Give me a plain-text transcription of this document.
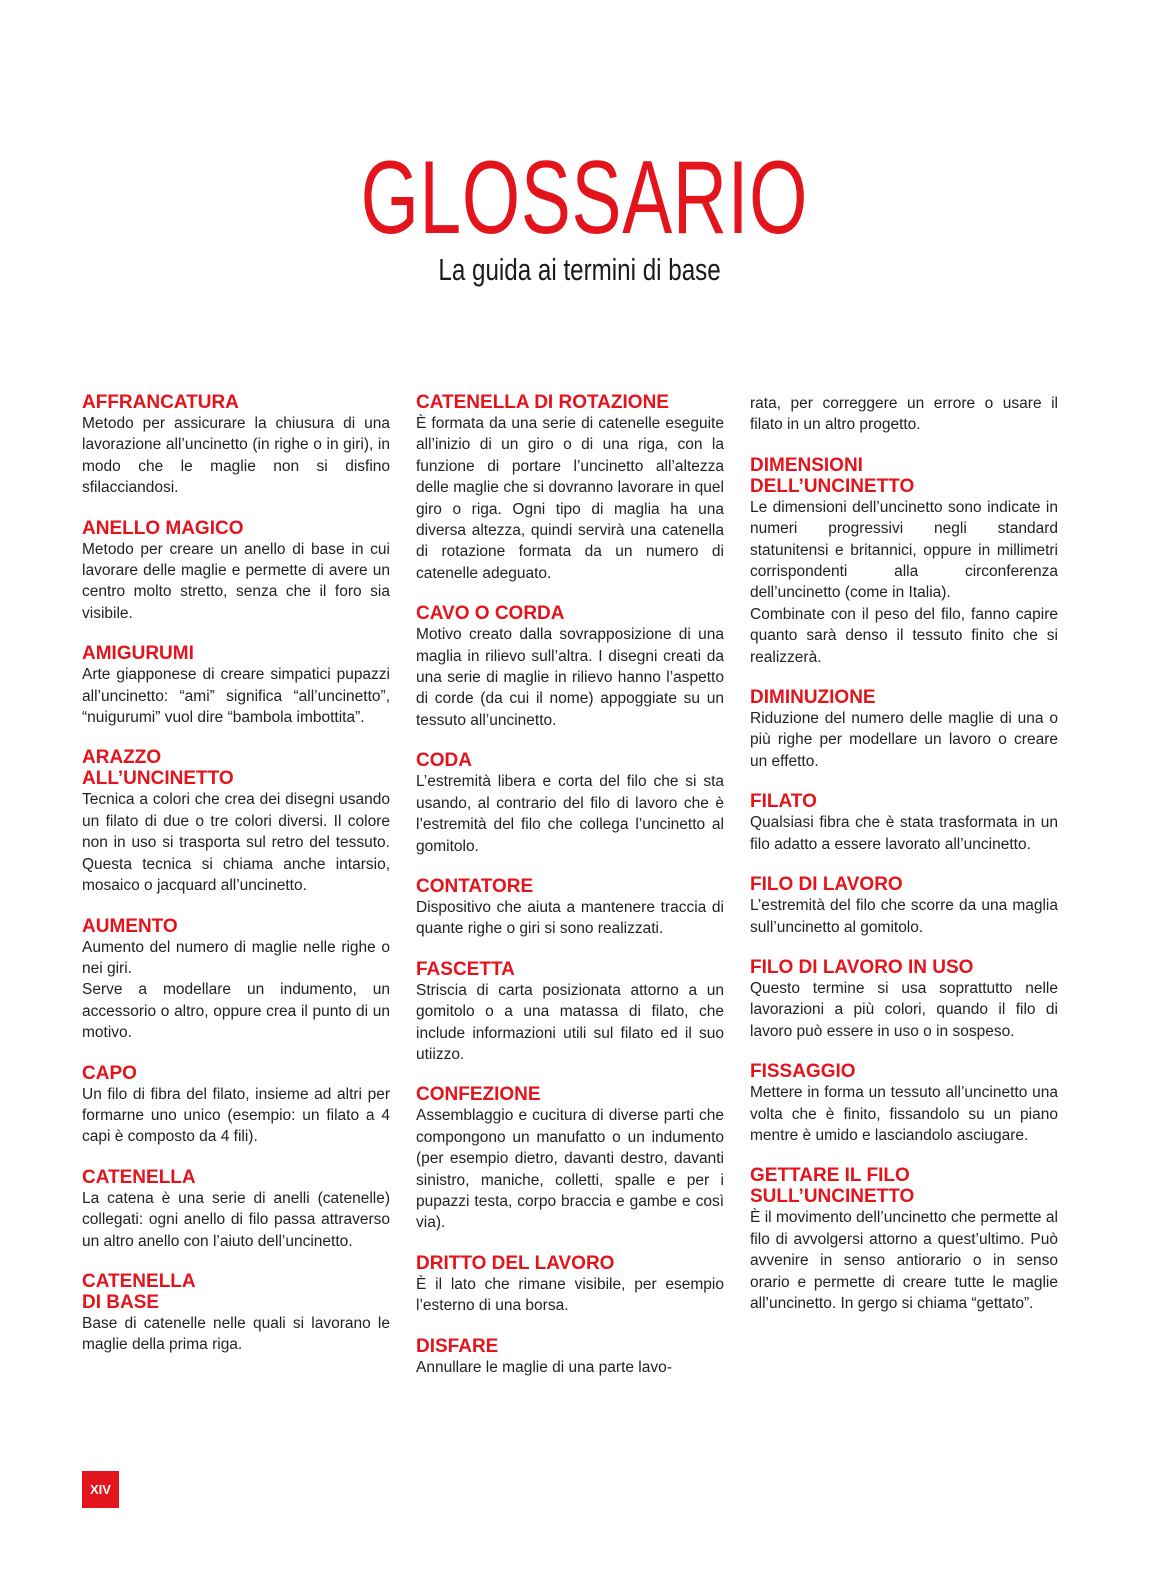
GLOSSARIO
La guida ai termini di base
AFFRANCATURA
Metodo per assicurare la chiusura di una lavorazione all’uncinetto (in righe o in giri), in modo che le maglie non si disfino sfilacciandosi.
ANELLO MAGICO
Metodo per creare un anello di base in cui lavorare delle maglie e permette di avere un centro molto stretto, senza che il foro sia visibile.
AMIGURUMI
Arte giapponese di creare simpatici pupazzi all’uncinetto: “ami” significa “all’uncinetto”, “nuigurumi” vuol dire “bambola imbottita”.
ARAZZO
ALL’UNCINETTO
Tecnica a colori che crea dei disegni usando un filato di due o tre colori diversi. Il colore non in uso si trasporta sul retro del tessuto. Questa tecnica si chiama anche intarsio, mosaico o jacquard all’uncinetto.
AUMENTO
Aumento del numero di maglie nelle righe o nei giri.
Serve a modellare un indumento, un accessorio o altro, oppure crea il punto di un motivo.
CAPO
Un filo di fibra del filato, insieme ad altri per formarne uno unico (esempio: un filato a 4 capi è composto da 4 fili).
CATENELLA
La catena è una serie di anelli (catenelle) collegati: ogni anello di filo passa attraverso un altro anello con l’aiuto dell’uncinetto.
CATENELLA
DI BASE
Base di catenelle nelle quali si lavorano le maglie della prima riga.
CATENELLA DI ROTAZIONE
È formata da una serie di catenelle eseguite all’inizio di un giro o di una riga, con la funzione di portare l’uncinetto all’altezza delle maglie che si dovranno lavorare in quel giro o riga. Ogni tipo di maglia ha una diversa altezza, quindi servirà una catenella di rotazione formata da un numero di catenelle adeguato.
CAVO O CORDA
Motivo creato dalla sovrapposizione di una maglia in rilievo sull’altra. I disegni creati da una serie di maglie in rilievo hanno l’aspetto di corde (da cui il nome) appoggiate su un tessuto all’uncinetto.
CODA
L’estremità libera e corta del filo che si sta usando, al contrario del filo di lavoro che è l’estremità del filo che collega l’uncinetto al gomitolo.
CONTATORE
Dispositivo che aiuta a mantenere traccia di quante righe o giri si sono realizzati.
FASCETTA
Striscia di carta posizionata attorno a un gomitolo o a una matassa di filato, che include informazioni utili sul filato ed il suo utiizzo.
CONFEZIONE
Assemblaggio e cucitura di diverse parti che compongono un manufatto o un indumento (per esempio dietro, davanti destro, davanti sinistro, maniche, colletti, spalle e per i pupazzi testa, corpo braccia e gambe e così via).
DRITTO DEL LAVORO
È il lato che rimane visibile, per esempio l’esterno di una borsa.
DISFARE
Annullare le maglie di una parte lavo-
rata, per correggere un errore o usare il filato in un altro progetto.
DIMENSIONI
DELL’UNCINETTO
Le dimensioni dell’uncinetto sono indicate in numeri progressivi negli standard statunitensi e britannici, oppure in millimetri corrispondenti alla circonferenza dell’uncinetto (come in Italia).
Combinate con il peso del filo, fanno capire quanto sarà denso il tessuto finito che si realizzerà.
DIMINUZIONE
Riduzione del numero delle maglie di una o più righe per modellare un lavoro o creare un effetto.
FILATO
Qualsiasi fibra che è stata trasformata in un filo adatto a essere lavorato all’uncinetto.
FILO DI LAVORO
L’estremità del filo che scorre da una maglia sull’uncinetto al gomitolo.
FILO DI LAVORO IN USO
Questo termine si usa soprattutto nelle lavorazioni a più colori, quando il filo di lavoro può essere in uso o in sospeso.
FISSAGGIO
Mettere in forma un tessuto all’uncinetto una volta che è finito, fissandolo su un piano mentre è umido e lasciandolo asciugare.
GETTARE IL FILO
SULL’UNCINETTO
È il movimento dell’uncinetto che permette al filo di avvolgersi attorno a quest’ultimo. Può avvenire in senso antiorario o in senso orario e permette di creare tutte le maglie all’uncinetto. In gergo si chiama “gettato”.
XIV
